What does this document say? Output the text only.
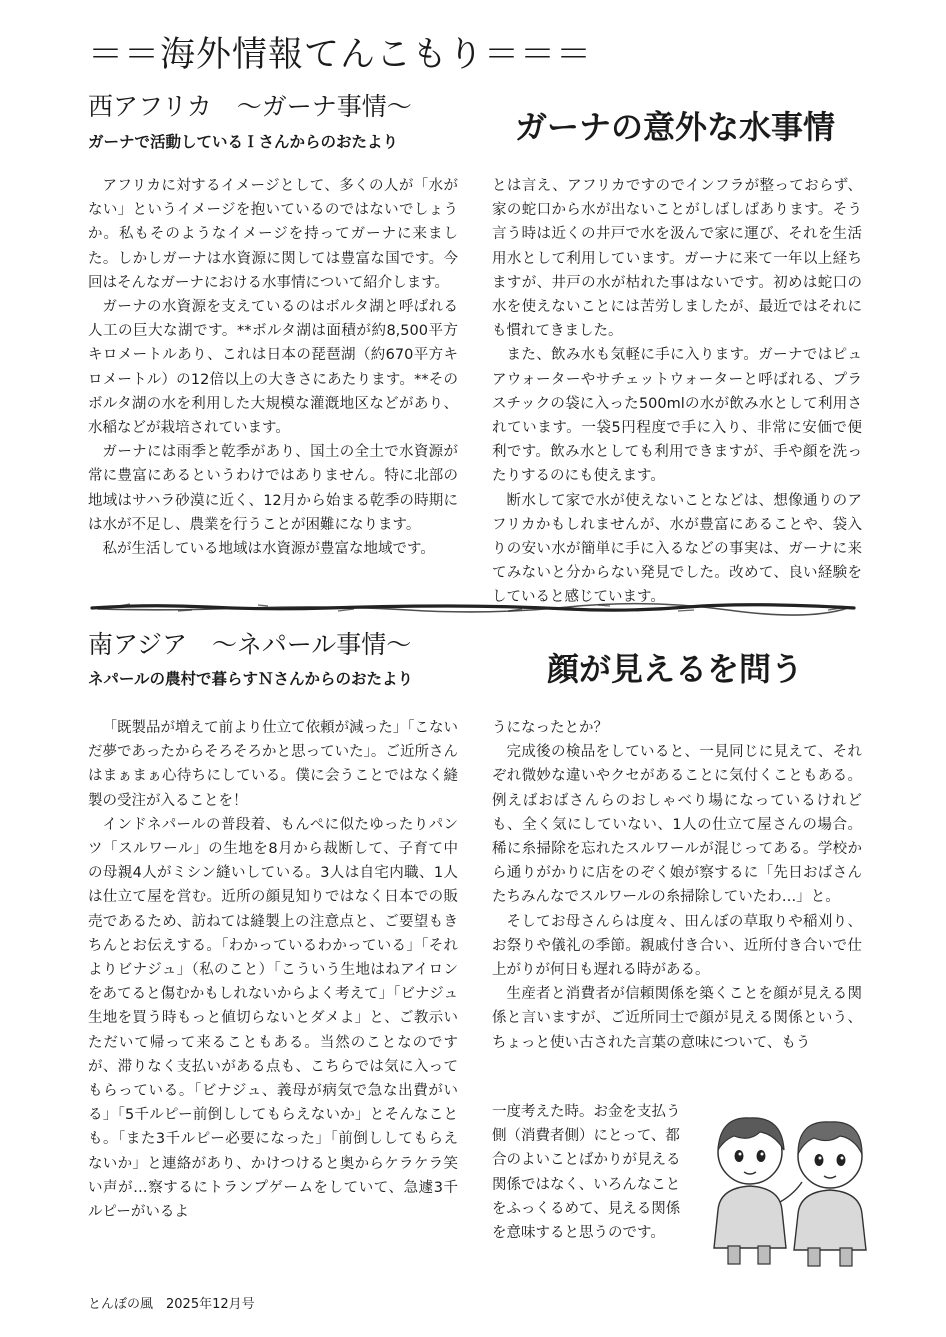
＝＝海外情報てんこもり＝＝＝
西アフリカ　～ガーナ事情～
ガーナで活動しているＩさんからのおたより	ガーナの意外な水事情

アフリカに対するイメージとして、多くの人が「水がない」というイメージを抱いているのではないでしょうか。私もそのようなイメージを持ってガーナに来ました。しかしガーナは水資源に関しては豊富な国です。今回はそんなガーナにおける水事情について紹介します。

ガーナの水資源を支えているのはボルタ湖と呼ばれる人工の巨大な湖です。**ボルタ湖は面積が約8,500平方キロメートルあり、これは日本の琵琶湖（約670平方キロメートル）の12倍以上の大きさにあたります。**そのボルタ湖の水を利用した大規模な灌漑地区などがあり、水稲などが栽培されています。

ガーナには雨季と乾季があり、国土の全土で水資源が常に豊富にあるというわけではありません。特に北部の地域はサハラ砂漠に近く、12月から始まる乾季の時期には水が不足し、農業を行うことが困難になります。

私が生活している地域は水資源が豊富な地域です。

とは言え、アフリカですのでインフラが整っておらず、家の蛇口から水が出ないことがしばしばあります。そう言う時は近くの井戸で水を汲んで家に運び、それを生活用水として利用しています。ガーナに来て一年以上経ちますが、井戸の水が枯れた事はないです。初めは蛇口の水を使えないことには苦労しましたが、最近ではそれにも慣れてきました。

また、飲み水も気軽に手に入ります。ガーナではピュアウォーターやサチェットウォーターと呼ばれる、プラスチックの袋に入った500mlの水が飲み水として利用されています。一袋5円程度で手に入り、非常に安価で便利です。飲み水としても利用できますが、手や顔を洗ったりするのにも使えます。

断水して家で水が使えないことなどは、想像通りのアフリカかもしれませんが、水が豊富にあることや、袋入りの安い水が簡単に手に入るなどの事実は、ガーナに来てみないと分からない発見でした。改めて、良い経験をしていると感じています。

南アジア　～ネパール事情～
ネパールの農村で暮らすＮさんからのおたより	顔が見えるを問う

「既製品が増えて前より仕立て依頼が減った」「こないだ夢であったからそろそろかと思っていた」。ご近所さんはまぁまぁ心待ちにしている。僕に会うことではなく縫製の受注が入ることを！

インドネパールの普段着、もんぺに似たゆったりパンツ「スルワール」の生地を8月から裁断して、子育て中の母親4人がミシン縫いしている。3人は自宅内職、1人は仕立て屋を営む。近所の顔見知りではなく日本での販売であるため、訪ねては縫製上の注意点と、ご要望もきちんとお伝えする。「わかっているわかっている」「それよりビナジュ」（私のこと）「こういう生地はねアイロンをあてると傷むかもしれないからよく考えて」「ビナジュ生地を買う時もっと値切らないとダメよ」と、ご教示いただいて帰って来ることもある。当然のことなのですが、滞りなく支払いがある点も、こちらでは気に入ってもらっている。「ビナジュ、義母が病気で急な出費がいる」「5千ルピー前倒ししてもらえないか」とそんなことも。「また3千ルピー必要になった」「前倒ししてもらえないか」と連絡があり、かけつけると奥からケラケラ笑い声が…察するにトランプゲームをしていて、急遽3千ルピーがいるよ

うになったとか？

完成後の検品をしていると、一見同じに見えて、それぞれ微妙な違いやクセがあることに気付くこともある。例えばおばさんらのおしゃべり場になっているけれども、全く気にしていない、1人の仕立て屋さんの場合。稀に糸掃除を忘れたスルワールが混じってある。学校から通りがかりに店をのぞく娘が察するに「先日おばさんたちみんなでスルワールの糸掃除していたわ…」と。

そしてお母さんらは度々、田んぼの草取りや稲刈り、お祭りや儀礼の季節。親戚付き合い、近所付き合いで仕上がりが何日も遅れる時がある。

生産者と消費者が信頼関係を築くことを顔が見える関係と言いますが、ご近所同士で顔が見える関係という、ちょっと使い古された言葉の意味について、もう

一度考えた時。お金を支払う

側（消費者側）にとって、都

合のよいことばかりが見える

関係ではなく、いろんなこと

をふっくるめて、見える関係

を意味すると思うのです。

とんぼの風　2025年12月号
